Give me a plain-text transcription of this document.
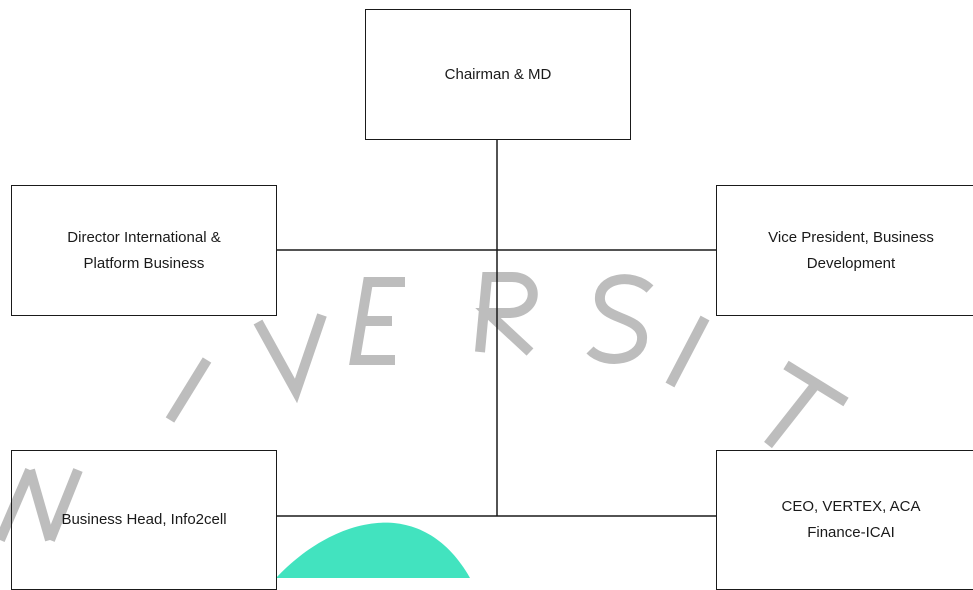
Chairman & MD
Director International &
Platform Business
Vice President, Business
Development
Business Head, Info2cell
CEO, VERTEX, ACA
Finance-ICAI
